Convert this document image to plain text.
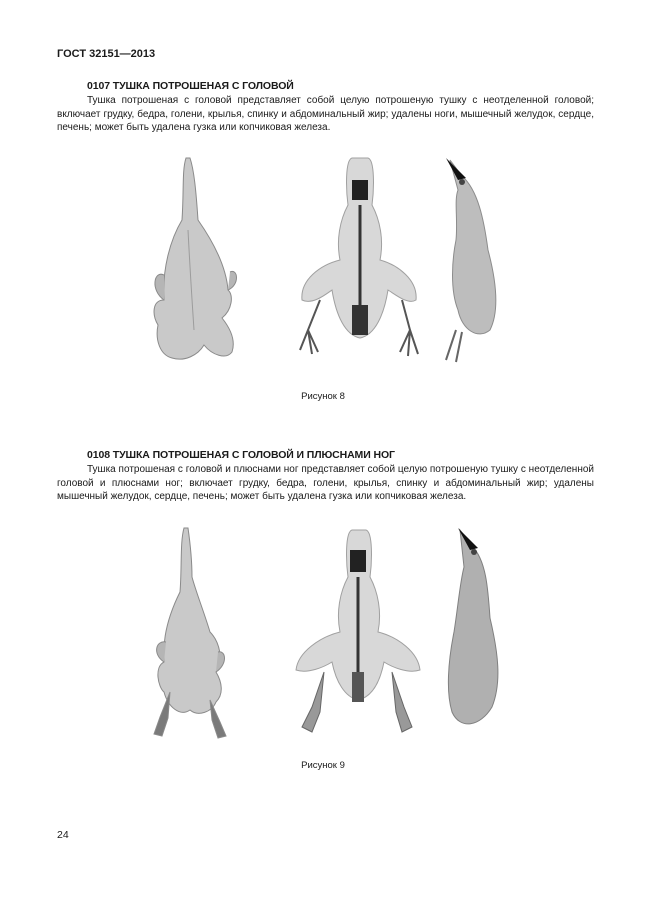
ГОСТ 32151—2013
0107 ТУШКА ПОТРОШЕНАЯ С ГОЛОВОЙ

Тушка потрошеная с головой представляет собой целую потрошеную тушку с неотделенной головой; включает грудку, бедра, голени, крылья, спинку и абдоминальный жир; удалены ноги, мышечный желудок, сердце, печень; может быть удалена гузка или копчиковая железа.

Рисунок 8
0108 ТУШКА ПОТРОШЕНАЯ С ГОЛОВОЙ И ПЛЮСНАМИ НОГ

Тушка потрошеная с головой и плюснами ног представляет собой целую потрошеную тушку с неотделенной головой и плюснами ног; включает грудку, бедра, голени, крылья, спинку и абдоминальный жир; удалены мышечный желудок, сердце, печень; может быть удалена гузка или копчиковая железа.

Рисунок 9
24
